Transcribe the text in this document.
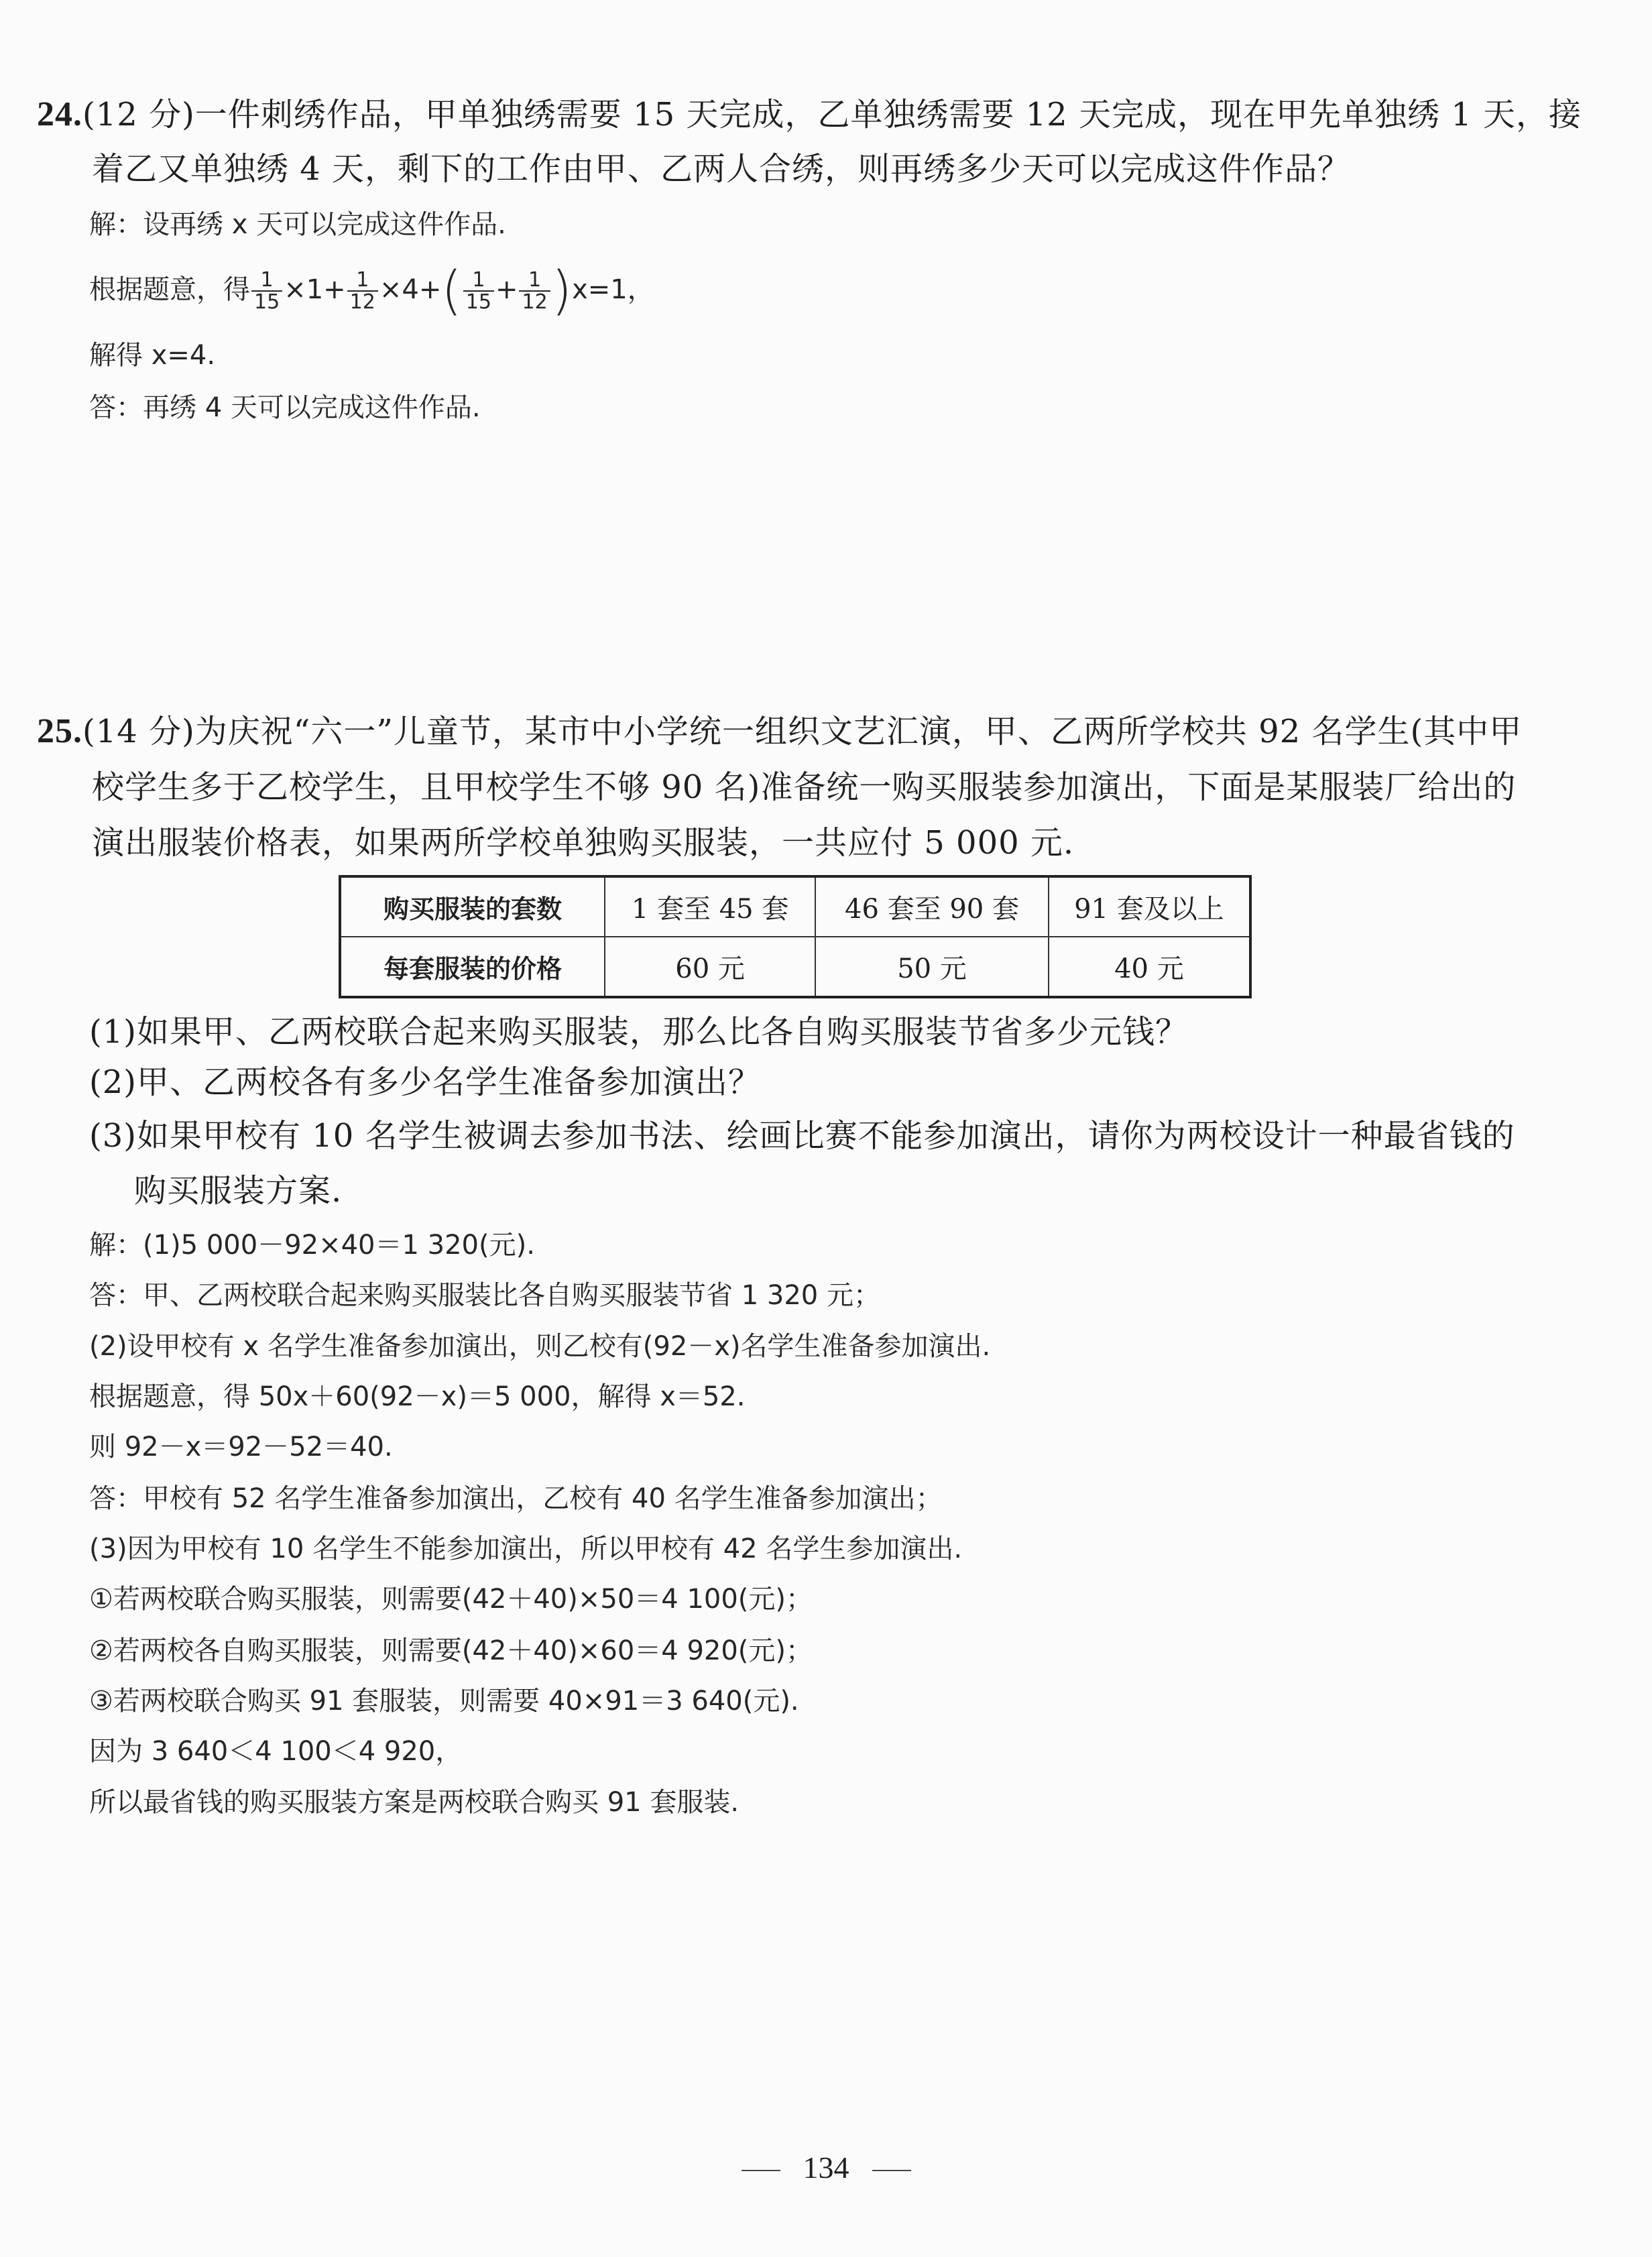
24.(12 分)一件刺绣作品，甲单独绣需要 15 天完成，乙单独绣需要 12 天完成，现在甲先单独绣 1 天，接
着乙又单独绣 4 天，剩下的工作由甲、乙两人合绣，则再绣多少天可以完成这件作品？
解：设再绣 x 天可以完成这件作品.
根据题意，得 $\frac{1}{15} \times 1+ \frac{1}{12} \times 4+( \frac{1}{15} + \frac{1}{12} )x=1$，
解得 x=4.
答：再绣 4 天可以完成这件作品.
25.(14 分)为庆祝“六一”儿童节，某市中小学统一组织文艺汇演，甲、乙两所学校共 92 名学生(其中甲
校学生多于乙校学生，且甲校学生不够 90 名)准备统一购买服装参加演出，下面是某服装厂给出的
演出服装价格表，如果两所学校单独购买服装，一共应付 5 000 元.
购买服装的套数	1 套至 45 套	46 套至 90 套	91 套及以上
每套服装的价格	60 元	50 元	40 元
(1)如果甲、乙两校联合起来购买服装，那么比各自购买服装节省多少元钱？
(2)甲、乙两校各有多少名学生准备参加演出？
(3)如果甲校有 10 名学生被调去参加书法、绘画比赛不能参加演出，请你为两校设计一种最省钱的
购买服装方案.
解：(1)5 000－92×40＝1 320(元).
答：甲、乙两校联合起来购买服装比各自购买服装节省 1 320 元；
(2)设甲校有 x 名学生准备参加演出，则乙校有(92－x)名学生准备参加演出.
根据题意，得 50x＋60(92－x)＝5 000，解得 x＝52.
则 92－x＝92－52＝40.
答：甲校有 52 名学生准备参加演出，乙校有 40 名学生准备参加演出；
(3)因为甲校有 10 名学生不能参加演出，所以甲校有 42 名学生参加演出.
①若两校联合购买服装，则需要(42＋40)×50＝4 100(元)；
②若两校各自购买服装，则需要(42＋40)×60＝4 920(元)；
③若两校联合购买 91 套服装，则需要 40×91＝3 640(元).
因为 3 640＜4 100＜4 920，
所以最省钱的购买服装方案是两校联合购买 91 套服装.
134
